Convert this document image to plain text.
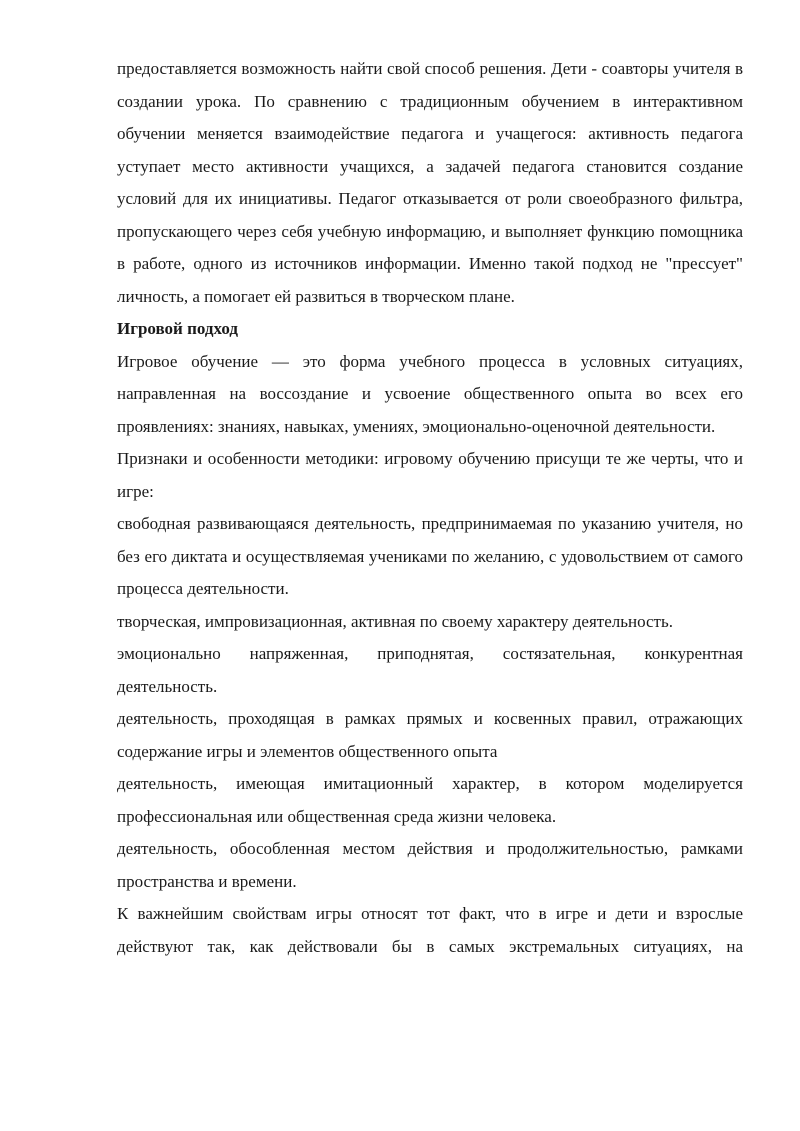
предоставляется возможность найти свой способ решения. Дети - соавторы учителя в создании урока. По сравнению с традиционным обучением в интерактивном обучении меняется взаимодействие педагога и учащегося: активность педагога уступает место активности учащихся, а задачей педагога становится создание условий для их инициативы. Педагог отказывается от роли своеобразного фильтра, пропускающего через себя учебную информацию, и выполняет функцию помощника в работе, одного из источников информации. Именно такой подход не "прессует" личность, а помогает ей развиться в творческом плане.

Игровой подход

Игровое обучение — это форма учебного процесса в условных ситуациях, направленная на воссоздание и усвоение общественного опыта во всех его проявлениях: знаниях, навыках, умениях, эмоционально-оценочной деятельности.

Признаки и особенности методики: игровому обучению присущи те же черты, что и игре:

свободная развивающаяся деятельность, предпринимаемая по указанию учителя, но без его диктата и осуществляемая учениками по желанию, с удовольствием от самого процесса деятельности.

творческая, импровизационная, активная по своему характеру деятельность.

эмоционально напряженная, приподнятая, состязательная, конкурентная деятельность.

деятельность, проходящая в рамках прямых и косвенных правил, отражающих содержание игры и элементов общественного опыта

деятельность, имеющая имитационный характер, в котором моделируется профессиональная или общественная среда жизни человека.

деятельность, обособленная местом действия и продолжительностью, рамками пространства и времени.

К важнейшим свойствам игры относят тот факт, что в игре и дети и взрослые действуют так, как действовали бы в самых экстремальных ситуациях, на
